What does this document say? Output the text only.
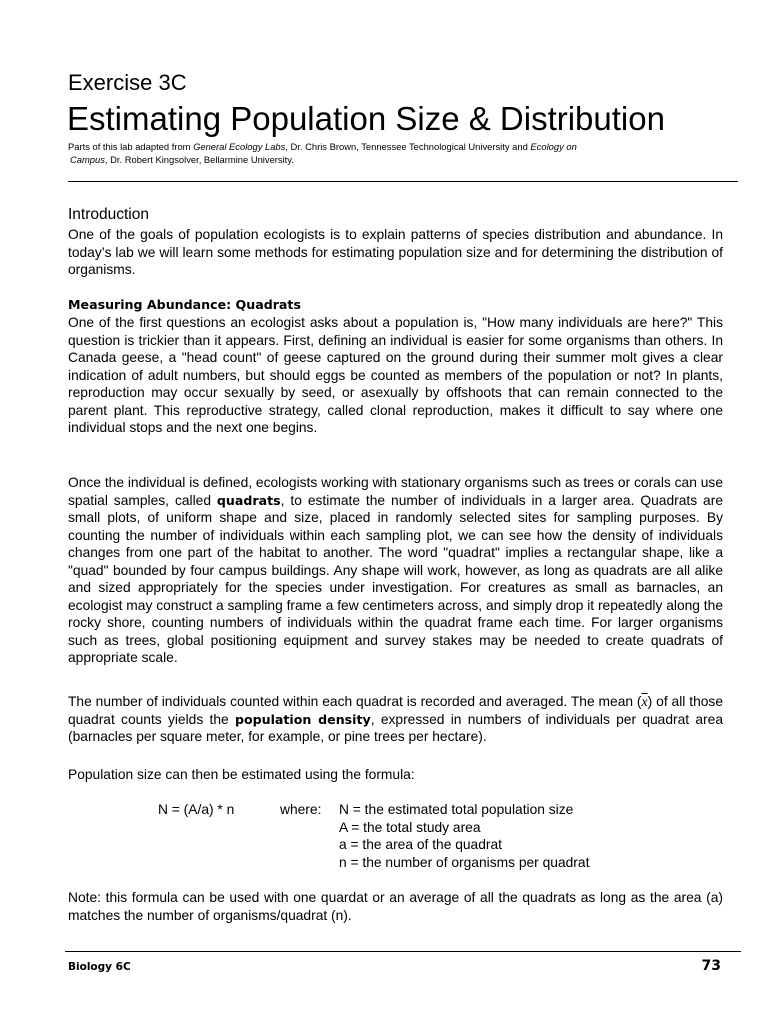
Exercise 3C
Estimating Population Size & Distribution
Parts of this lab adapted from General Ecology Labs, Dr. Chris Brown, Tennessee Technological University and Ecology on
Campus, Dr. Robert Kingsolver, Bellarmine University.
Introduction
One of the goals of population ecologists is to explain patterns of species distribution and abundance. In today’s lab we will learn some methods for estimating population size and for determining the distribution of organisms.
Measuring Abundance: Quadrats
One of the first questions an ecologist asks about a population is, "How many individuals are here?" This question is trickier than it appears. First, defining an individual is easier for some organisms than others. In Canada geese, a "head count" of geese captured on the ground during their summer molt gives a clear indication of adult numbers, but should eggs be counted as members of the population or not? In plants, reproduction may occur sexually by seed, or asexually by offshoots that can remain connected to the parent plant. This reproductive strategy, called clonal reproduction, makes it difficult to say where one individual stops and the next one begins.
Once the individual is defined, ecologists working with stationary organisms such as trees or corals can use spatial samples, called quadrats, to estimate the number of individuals in a larger area. Quadrats are small plots, of uniform shape and size, placed in randomly selected sites for sampling purposes. By counting the number of individuals within each sampling plot, we can see how the density of individuals changes from one part of the habitat to another. The word "quadrat" implies a rectangular shape, like a "quad" bounded by four campus buildings. Any shape will work, however, as long as quadrats are all alike and sized appropriately for the species under investigation. For creatures as small as barnacles, an ecologist may construct a sampling frame a few centimeters across, and simply drop it repeatedly along the rocky shore, counting numbers of individuals within the quadrat frame each time. For larger organisms such as trees, global positioning equipment and survey stakes may be needed to create quadrats of appropriate scale.
The number of individuals counted within each quadrat is recorded and averaged. The mean $(\overline{x})$ of all those quadrat counts yields the population density, expressed in numbers of individuals per quadrat area (barnacles per square meter, for example, or pine trees per hectare).
Population size can then be estimated using the formula:
N = (A/a) * n	where: N = the estimated total population size
A = the total study area
a = the area of the quadrat
n = the number of organisms per quadrat
Note: this formula can be used with one quardat or an average of all the quadrats as long as the area (a) matches the number of organisms/quadrat (n).
Biology 6C	73
